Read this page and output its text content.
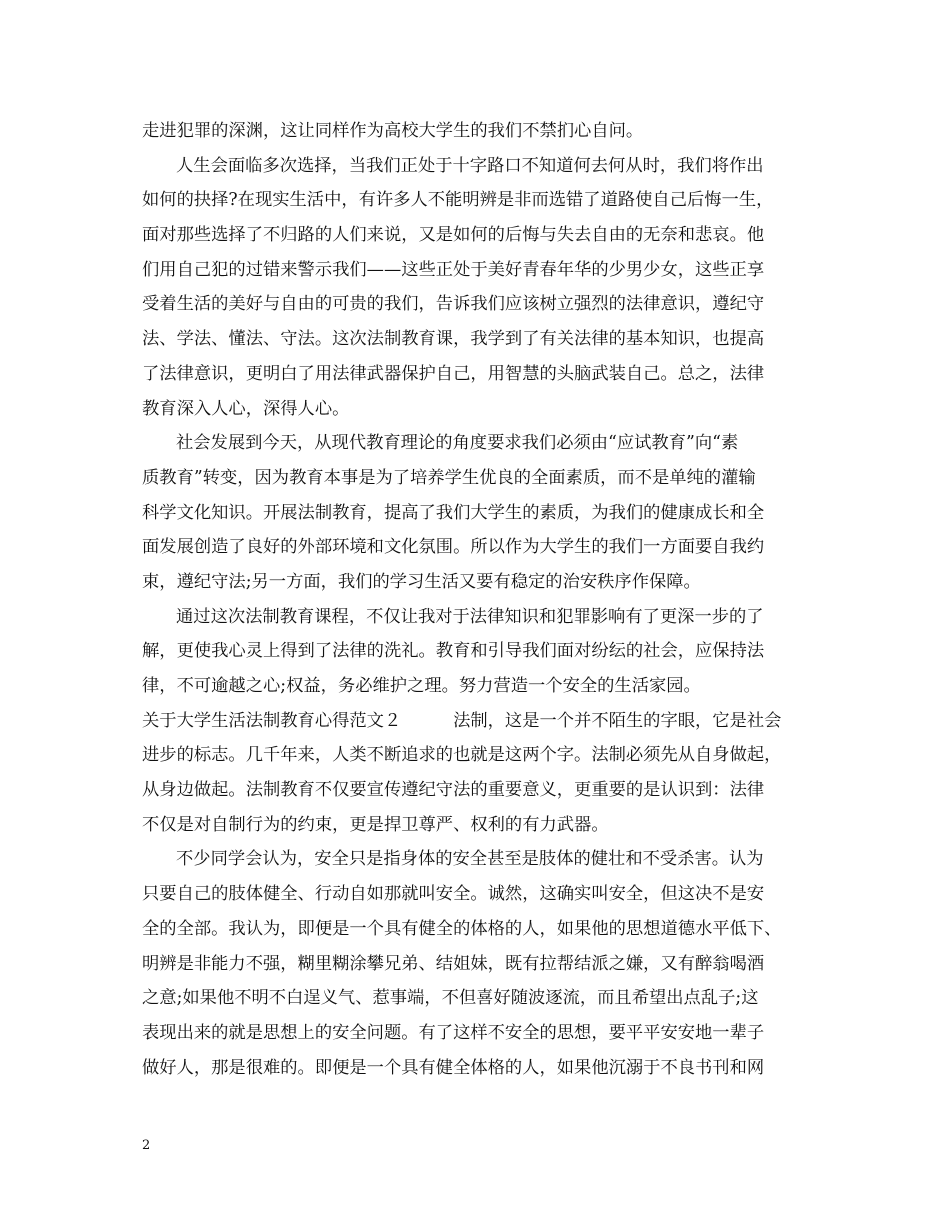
走进犯罪的深渊，这让同样作为高校大学生的我们不禁扪心自问。
人生会面临多次选择，当我们正处于十字路口不知道何去何从时，我们将作出
如何的抉择?在现实生活中，有许多人不能明辨是非而选错了道路使自己后悔一生，
面对那些选择了不归路的人们来说，又是如何的后悔与失去自由的无奈和悲哀。他
们用自己犯的过错来警示我们——这些正处于美好青春年华的少男少女，这些正享
受着生活的美好与自由的可贵的我们，告诉我们应该树立强烈的法律意识，遵纪守
法、学法、懂法、守法。这次法制教育课，我学到了有关法律的基本知识，也提高
了法律意识，更明白了用法律武器保护自己，用智慧的头脑武装自己。总之，法律
教育深入人心，深得人心。
社会发展到今天，从现代教育理论的角度要求我们必须由“应试教育”向“素
质教育”转变，因为教育本事是为了培养学生优良的全面素质，而不是单纯的灌输
科学文化知识。开展法制教育，提高了我们大学生的素质，为我们的健康成长和全
面发展创造了良好的外部环境和文化氛围。所以作为大学生的我们一方面要自我约
束，遵纪守法;另一方面，我们的学习生活又要有稳定的治安秩序作保障。
通过这次法制教育课程，不仅让我对于法律知识和犯罪影响有了更深一步的了
解，更使我心灵上得到了法律的洗礼。教育和引导我们面对纷纭的社会，应保持法
律，不可逾越之心;权益，务必维护之理。努力营造一个安全的生活家园。
关于大学生活法制教育心得范文２　　　法制，这是一个并不陌生的字眼，它是社会
进步的标志。几千年来，人类不断追求的也就是这两个字。法制必须先从自身做起，
从身边做起。法制教育不仅要宣传遵纪守法的重要意义，更重要的是认识到：法律
不仅是对自制行为的约束，更是捍卫尊严、权利的有力武器。
不少同学会认为，安全只是指身体的安全甚至是肢体的健壮和不受杀害。认为
只要自己的肢体健全、行动自如那就叫安全。诚然，这确实叫安全，但这决不是安
全的全部。我认为，即便是一个具有健全的体格的人，如果他的思想道德水平低下、
明辨是非能力不强，糊里糊涂攀兄弟、结姐妹，既有拉帮结派之嫌，又有醉翁喝酒
之意;如果他不明不白逞义气、惹事端，不但喜好随波逐流，而且希望出点乱子;这
表现出来的就是思想上的安全问题。有了这样不安全的思想，要平平安安地一辈子
做好人，那是很难的。即便是一个具有健全体格的人，如果他沉溺于不良书刊和网
2
